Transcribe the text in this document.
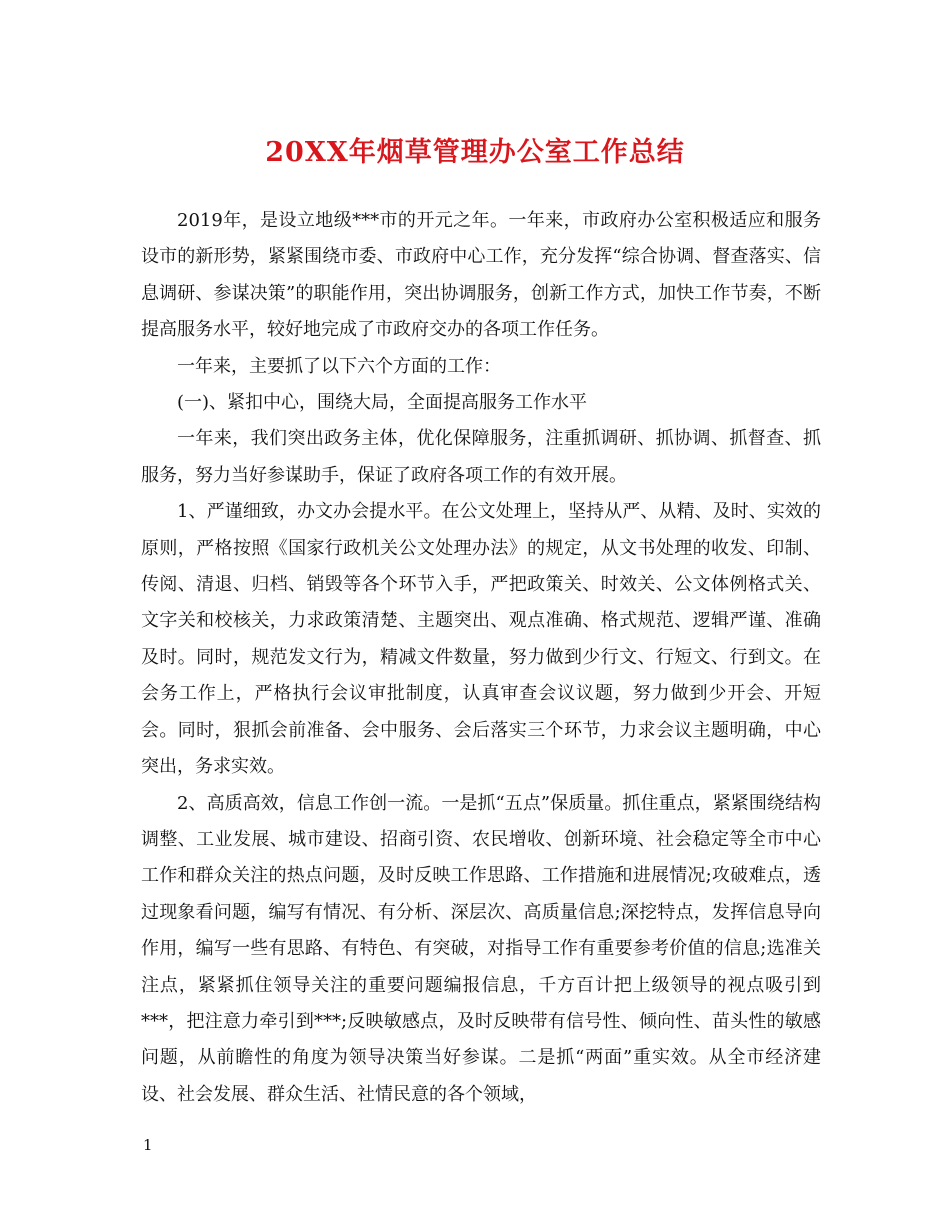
20XX年烟草管理办公室工作总结

2019年，是设立地级***市的开元之年。一年来，市政府办公室积极适应和服务设市的新形势，紧紧围绕市委、市政府中心工作，充分发挥“综合协调、督查落实、信息调研、参谋决策”的职能作用，突出协调服务，创新工作方式，加快工作节奏，不断提高服务水平，较好地完成了市政府交办的各项工作任务。

一年来，主要抓了以下六个方面的工作：

(一)、紧扣中心，围绕大局，全面提高服务工作水平

一年来，我们突出政务主体，优化保障服务，注重抓调研、抓协调、抓督查、抓服务，努力当好参谋助手，保证了政府各项工作的有效开展。

1、严谨细致，办文办会提水平。在公文处理上，坚持从严、从精、及时、实效的原则，严格按照《国家行政机关公文处理办法》的规定，从文书处理的收发、印制、传阅、清退、归档、销毁等各个环节入手，严把政策关、时效关、公文体例格式关、文字关和校核关，力求政策清楚、主题突出、观点准确、格式规范、逻辑严谨、准确及时。同时，规范发文行为，精减文件数量，努力做到少行文、行短文、行到文。在会务工作上，严格执行会议审批制度，认真审查会议议题，努力做到少开会、开短会。同时，狠抓会前准备、会中服务、会后落实三个环节，力求会议主题明确，中心突出，务求实效。

2、高质高效，信息工作创一流。一是抓“五点”保质量。抓住重点，紧紧围绕结构调整、工业发展、城市建设、招商引资、农民增收、创新环境、社会稳定等全市中心工作和群众关注的热点问题，及时反映工作思路、工作措施和进展情况;攻破难点，透过现象看问题，编写有情况、有分析、深层次、高质量信息;深挖特点，发挥信息导向作用，编写一些有思路、有特色、有突破，对指导工作有重要参考价值的信息;选准关注点，紧紧抓住领导关注的重要问题编报信息，千方百计把上级领导的视点吸引到***，把注意力牵引到***;反映敏感点，及时反映带有信号性、倾向性、苗头性的敏感问题，从前瞻性的角度为领导决策当好参谋。二是抓“两面”重实效。从全市经济建设、社会发展、群众生活、社情民意的各个领域，

1
